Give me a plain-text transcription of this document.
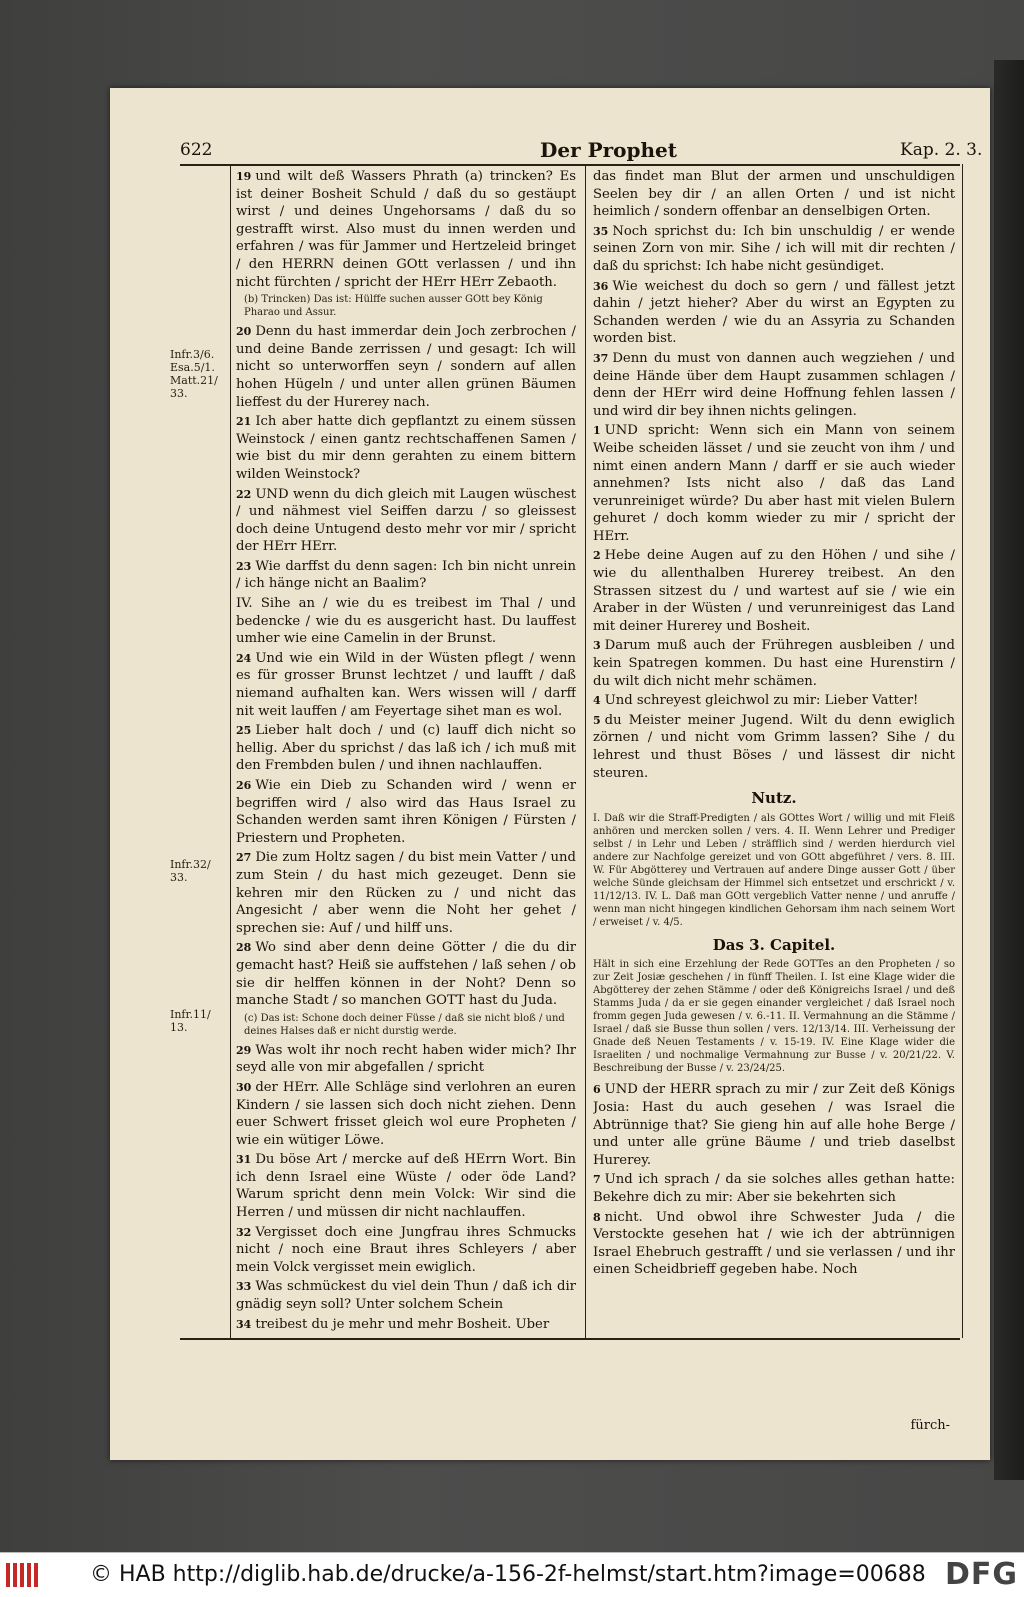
622	Der Prophet	Kap. 2. 3.
Infr.3/6.
Esa.5/1.
Matt.21/
33.
Infr.32/
33.
Infr.11/
13.

19 und wilt deß Wassers Phrath (a) trincken? Es ist deiner Bosheit Schuld / daß du so gestäupt wirst / und deines Ungehorsams / daß du so gestrafft wirst. Also must du innen werden und erfahren / was für Jammer und Hertzeleid bringet / den HERRN deinen GOtt verlassen / und ihn nicht fürchten / spricht der HErr HErr Zebaoth.

(b) Trincken) Das ist: Hülffe suchen ausser GOtt bey König Pharao und Assur.

20 Denn du hast immerdar dein Joch zerbrochen / und deine Bande zerrissen / und gesagt: Ich will nicht so unterworffen seyn / sondern auf allen hohen Hügeln / und unter allen grünen Bäumen lieffest du der Hurerey nach.

21 Ich aber hatte dich gepflantzt zu einem süssen Weinstock / einen gantz rechtschaffenen Samen / wie bist du mir denn gerahten zu einem bittern wilden Weinstock?

22 UND wenn du dich gleich mit Laugen wüschest / und nähmest viel Seiffen darzu / so gleissest doch deine Untugend desto mehr vor mir / spricht der HErr HErr.

23 Wie darffst du denn sagen: Ich bin nicht unrein / ich hänge nicht an Baalim?

IV. Sihe an / wie du es treibest im Thal / und bedencke / wie du es ausgericht hast. Du lauffest umher wie eine Camelin in der Brunst.

24 Und wie ein Wild in der Wüsten pflegt / wenn es für grosser Brunst lechtzet / und laufft / daß niemand aufhalten kan. Wers wissen will / darff nit weit lauffen / am Feyertage sihet man es wol.

25 Lieber halt doch / und (c) lauff dich nicht so hellig. Aber du sprichst / das laß ich / ich muß mit den Frembden bulen / und ihnen nachlauffen.

26 Wie ein Dieb zu Schanden wird / wenn er begriffen wird / also wird das Haus Israel zu Schanden werden samt ihren Königen / Fürsten / Priestern und Propheten.

27 Die zum Holtz sagen / du bist mein Vatter / und zum Stein / du hast mich gezeuget. Denn sie kehren mir den Rücken zu / und nicht das Angesicht / aber wenn die Noht her gehet / sprechen sie: Auf / und hilff uns.

28 Wo sind aber denn deine Götter / die du dir gemacht hast? Heiß sie auffstehen / laß sehen / ob sie dir helffen können in der Noht? Denn so manche Stadt / so manchen GOTT hast du Juda.

(c) Das ist: Schone doch deiner Füsse / daß sie nicht bloß / und deines Halses daß er nicht durstig werde.

29 Was wolt ihr noch recht haben wider mich? Ihr seyd alle von mir abgefallen / spricht

30 der HErr. Alle Schläge sind verlohren an euren Kindern / sie lassen sich doch nicht ziehen. Denn euer Schwert frisset gleich wol eure Propheten / wie ein wütiger Löwe.

31 Du böse Art / mercke auf deß HErrn Wort. Bin ich denn Israel eine Wüste / oder öde Land? Warum spricht denn mein Volck: Wir sind die Herren / und müssen dir nicht nachlauffen.

32 Vergisset doch eine Jungfrau ihres Schmucks nicht / noch eine Braut ihres Schleyers / aber mein Volck vergisset mein ewiglich.

33 Was schmückest du viel dein Thun / daß ich dir gnädig seyn soll? Unter solchem Schein

34 treibest du je mehr und mehr Bosheit. Uber

das findet man Blut der armen und unschuldigen Seelen bey dir / an allen Orten / und ist nicht heimlich / sondern offenbar an denselbigen Orten.

35 Noch sprichst du: Ich bin unschuldig / er wende seinen Zorn von mir. Sihe / ich will mit dir rechten / daß du sprichst: Ich habe nicht gesündiget.

36 Wie weichest du doch so gern / und fällest jetzt dahin / jetzt hieher? Aber du wirst an Egypten zu Schanden werden / wie du an Assyria zu Schanden worden bist.

37 Denn du must von dannen auch wegziehen / und deine Hände über dem Haupt zusammen schlagen / denn der HErr wird deine Hoffnung fehlen lassen / und wird dir bey ihnen nichts gelingen.

1 UND spricht: Wenn sich ein Mann von seinem Weibe scheiden lässet / und sie zeucht von ihm / und nimt einen andern Mann / darff er sie auch wieder annehmen? Ists nicht also / daß das Land verunreiniget würde? Du aber hast mit vielen Bulern gehuret / doch komm wieder zu mir / spricht der HErr.

2 Hebe deine Augen auf zu den Höhen / und sihe / wie du allenthalben Hurerey treibest. An den Strassen sitzest du / und wartest auf sie / wie ein Araber in der Wüsten / und verunreinigest das Land mit deiner Hurerey und Bosheit.

3 Darum muß auch der Frühregen ausbleiben / und kein Spatregen kommen. Du hast eine Hurenstirn / du wilt dich nicht mehr schämen.

4 Und schreyest gleichwol zu mir: Lieber Vatter!

5 du Meister meiner Jugend. Wilt du denn ewiglich zörnen / und nicht vom Grimm lassen? Sihe / du lehrest und thust Böses / und lässest dir nicht steuren.

Nutz.
I. Daß wir die Straff-Predigten / als GOttes Wort / willig und mit Fleiß anhören und mercken sollen / vers. 4. II. Wenn Lehrer und Prediger selbst / in Lehr und Leben / sträfflich sind / werden hierdurch viel andere zur Nachfolge gereizet und von GOtt abgeführet / vers. 8. III. W. Für Abgötterey und Vertrauen auf andere Dinge ausser Gott / über welche Sünde gleichsam der Himmel sich entsetzet und erschrickt / v. 11/12/13. IV. L. Daß man GOtt vergeblich Vatter nenne / und anruffe / wenn man nicht hingegen kindlichen Gehorsam ihm nach seinem Wort / erweiset / v. 4/5.
Das 3. Capitel.
Hält in sich eine Erzehlung der Rede GOTTes an den Propheten / so zur Zeit Josiæ geschehen / in fünff Theilen. I. Ist eine Klage wider die Abgötterey der zehen Stämme / oder deß Königreichs Israel / und deß Stamms Juda / da er sie gegen einander vergleichet / daß Israel noch fromm gegen Juda gewesen / v. 6.-11. II. Vermahnung an die Stämme / Israel / daß sie Busse thun sollen / vers. 12/13/14. III. Verheissung der Gnade deß Neuen Testaments / v. 15-19. IV. Eine Klage wider die Israeliten / und nochmalige Vermahnung zur Busse / v. 20/21/22. V. Beschreibung der Busse / v. 23/24/25.

6 UND der HERR sprach zu mir / zur Zeit deß Königs Josia: Hast du auch gesehen / was Israel die Abtrünnige that? Sie gieng hin auf alle hohe Berge / und unter alle grüne Bäume / und trieb daselbst Hurerey.

7 Und ich sprach / da sie solches alles gethan hatte: Bekehre dich zu mir: Aber sie bekehrten sich

8 nicht. Und obwol ihre Schwester Juda / die Verstockte gesehen hat / wie ich der abtrünnigen Israel Ehebruch gestrafft / und sie verlassen / und ihr einen Scheidbrieff gegeben habe. Noch

fürch-
© HAB http://diglib.hab.de/drucke/a-156-2f-helmst/start.htm?image=00688 DFG
